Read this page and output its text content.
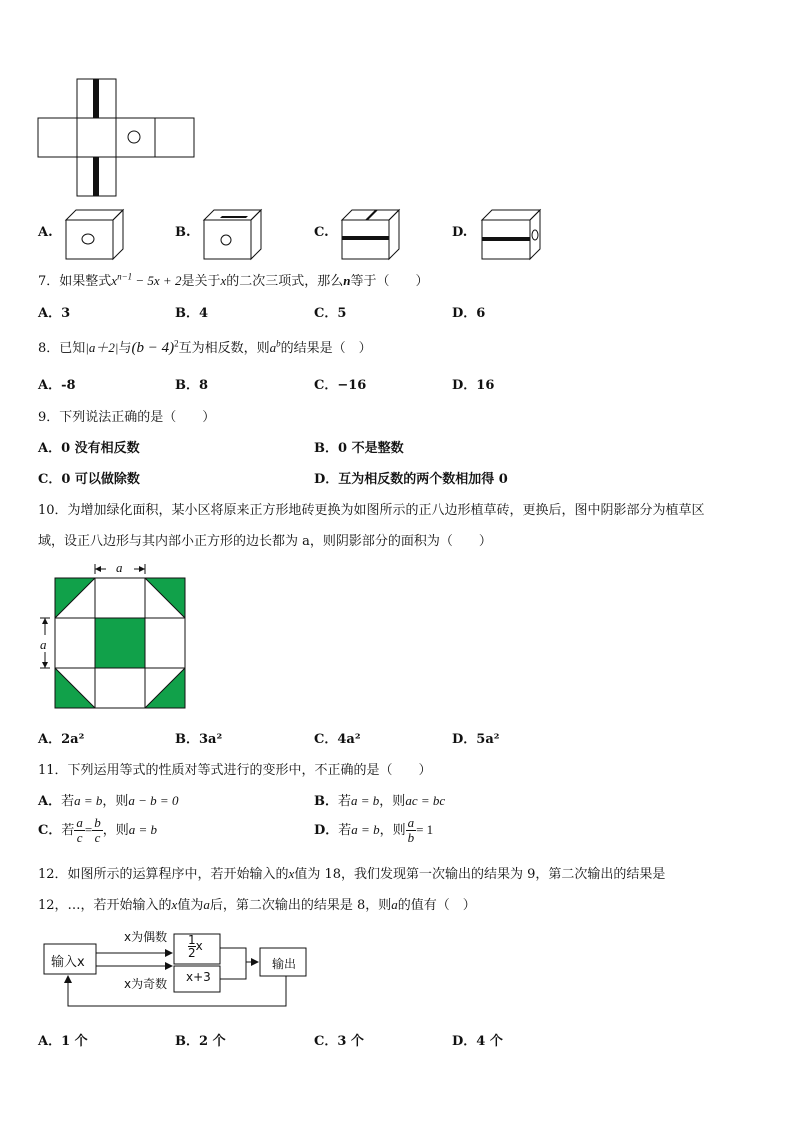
A.	B.	C.	D.
7．如果整式$x^{n-1} - 5x + 2$是关于x的二次三项式，那么n等于（　　）
A．3	B．4	C．5	D．6
8．已知|a＋2|与$(b - 4)^2$互为相反数，则$a^b$的结果是（　）
A．-8	B．8	C．−16	D．16
9．下列说法正确的是（　　）
A．0 没有相反数	B．0 不是整数
C．0 可以做除数	D．互为相反数的两个数相加得 0
10．为增加绿化面积，某小区将原来正方形地砖更换为如图所示的正八边形植草砖，更换后，图中阴影部分为植草区
域，设正八边形与其内部小正方形的边长都为 a，则阴影部分的面积为（　　）
a
a
A．2a²	B．3a²	C．4a²	D．5a²
11．下列运用等式的性质对等式进行的变形中，不正确的是（　　）
A．若a = b，则a − b = 0	B．若a = b，则ac = bc
C．若 $\frac{a}{c} = \frac{b}{c}$ ，则a = b	D．若a = b，则 $\frac{a}{b} = 1$
12．如图所示的运算程序中，若开始输入的x值为 18，我们发现第一次输出的结果为 9，第二次输出的结果是
12，…，若开始输入的x值为a后，第二次输出的结果是 8，则a的值有（　）
输入x
x为偶数 $\frac{1}{2}$ x
x为奇数 x+3
输出
A．1 个	B．2 个	C．3 个	D．4 个
